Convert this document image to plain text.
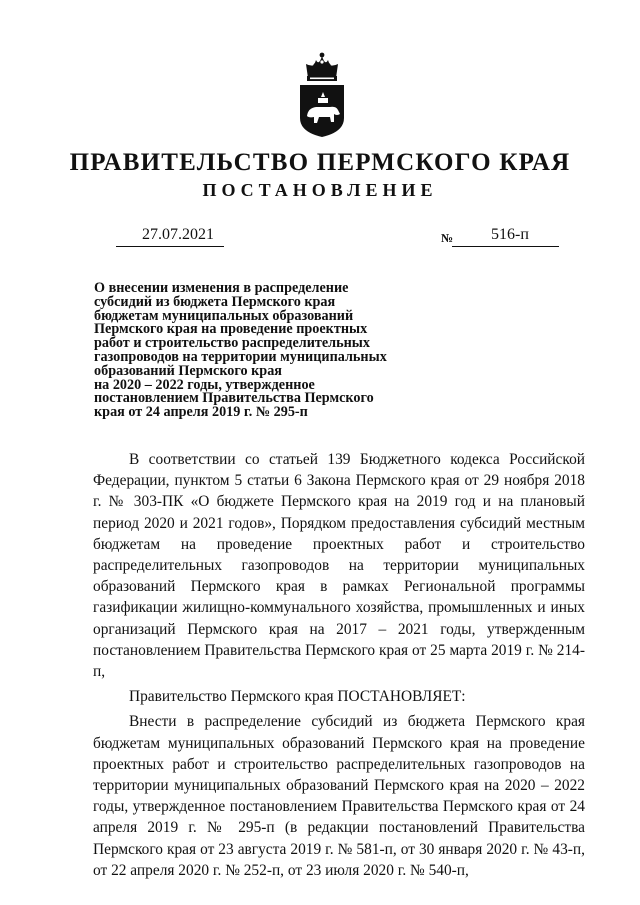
ПРАВИТЕЛЬСТВО ПЕРМСКОГО КРАЯ
ПОСТАНОВЛЕНИЕ
27.07.2021	№ 516-п
О внесении изменения в распределение
субсидий из бюджета Пермского края
бюджетам муниципальных образований
Пермского края на проведение проектных
работ и строительство распределительных
газопроводов на территории муниципальных
образований Пермского края
на 2020 – 2022 годы, утвержденное
постановлением Правительства Пермского
края от 24 апреля 2019 г. № 295-п
В соответствии со статьей 139 Бюджетного кодекса Российской Федерации, пунктом 5 статьи 6 Закона Пермского края от 29 ноября 2018 г. № 303-ПК «О бюджете Пермского края на 2019 год и на плановый период 2020 и 2021 годов», Порядком предоставления субсидий местным бюджетам на проведение проектных работ и строительство распределительных газопроводов на территории муниципальных образований Пермского края в рамках Региональной программы газификации жилищно-коммунального хозяйства, промышленных и иных организаций Пермского края на 2017 – 2021 годы, утвержденным постановлением Правительства Пермского края от 25 марта 2019 г. № 214-п,
Правительство Пермского края ПОСТАНОВЛЯЕТ:
Внести в распределение субсидий из бюджета Пермского края бюджетам муниципальных образований Пермского края на проведение проектных работ и строительство распределительных газопроводов на территории муниципальных образований Пермского края на 2020 – 2022 годы, утвержденное постановлением Правительства Пермского края от 24 апреля 2019 г. № 295-п (в редакции постановлений Правительства Пермского края от 23 августа 2019 г. № 581-п, от 30 января 2020 г. № 43-п, от 22 апреля 2020 г. № 252-п, от 23 июля 2020 г. № 540-п,
